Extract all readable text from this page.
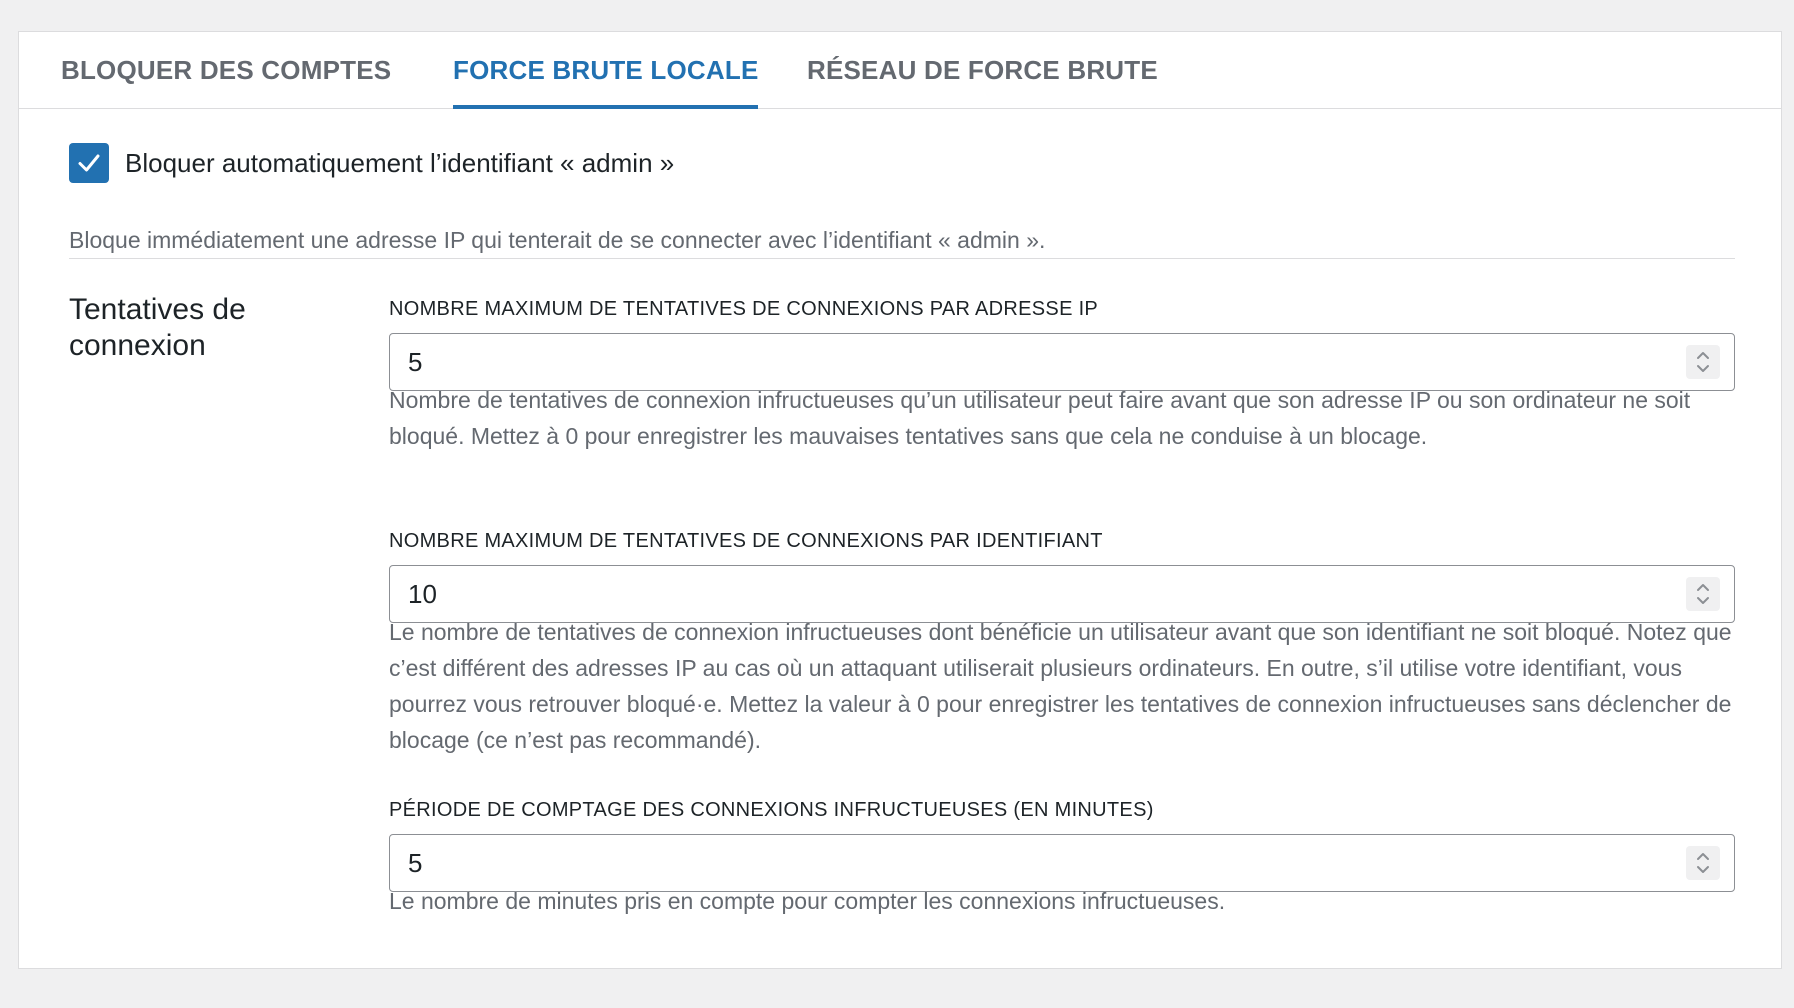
BLOQUER DES COMPTES FORCE BRUTE LOCALE RÉSEAU DE FORCE BRUTE
Bloquer automatiquement l’identifiant « admin »
Bloque immédiatement une adresse IP qui tenterait de se connecter avec l’identifiant « admin ».
Tentatives de connexion
NOMBRE MAXIMUM DE TENTATIVES DE CONNEXIONS PAR ADRESSE IP
5
Nombre de tentatives de connexion infructueuses qu’un utilisateur peut faire avant que son adresse IP ou son ordinateur ne soit bloqué. Mettez à 0 pour enregistrer les mauvaises tentatives sans que cela ne conduise à un blocage.
NOMBRE MAXIMUM DE TENTATIVES DE CONNEXIONS PAR IDENTIFIANT
10
Le nombre de tentatives de connexion infructueuses dont bénéficie un utilisateur avant que son identifiant ne soit bloqué. Notez que c’est différent des adresses IP au cas où un attaquant utiliserait plusieurs ordinateurs. En outre, s’il utilise votre identifiant, vous pourrez vous retrouver bloqué·e. Mettez la valeur à 0 pour enregistrer les tentatives de connexion infructueuses sans déclencher de blocage (ce n’est pas recommandé).
PÉRIODE DE COMPTAGE DES CONNEXIONS INFRUCTUEUSES (EN MINUTES)
5
Le nombre de minutes pris en compte pour compter les connexions infructueuses.
